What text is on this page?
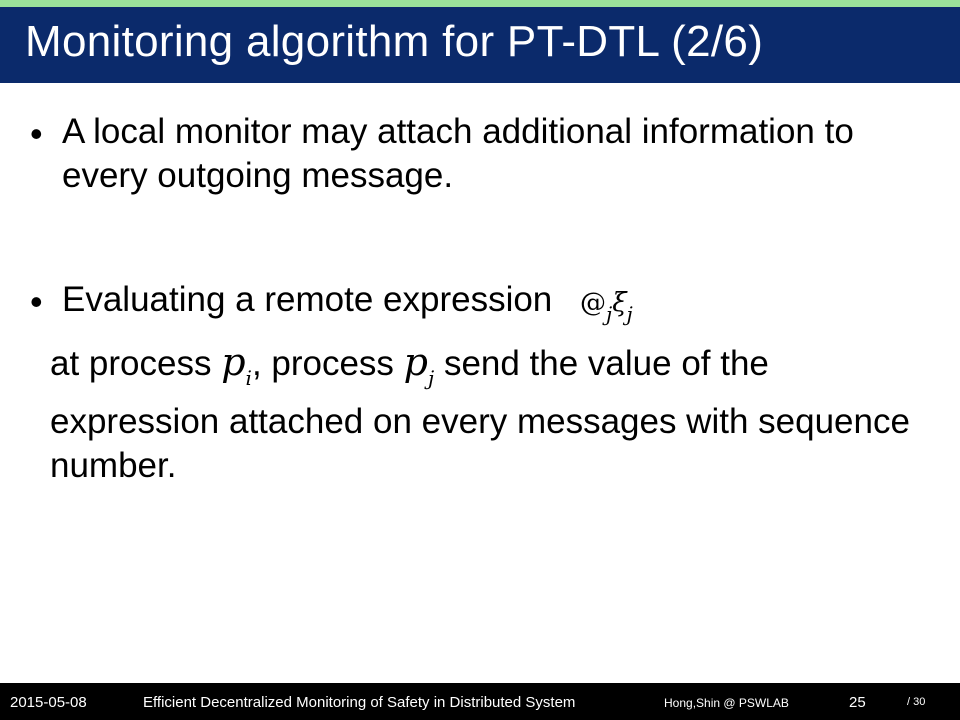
Monitoring algorithm for PT-DTL (2/6)
• A local monitor may attach additional information to every outgoing message.
• Evaluating a remote expression $@_j\xi_j$
at process $p_i$, process $p_j$ send the value of the expression attached on every messages with sequence number.
2015-05-08	Efficient Decentralized Monitoring of Safety in Distributed System	Hong,Shin @ PSWLAB	25	/ 30
